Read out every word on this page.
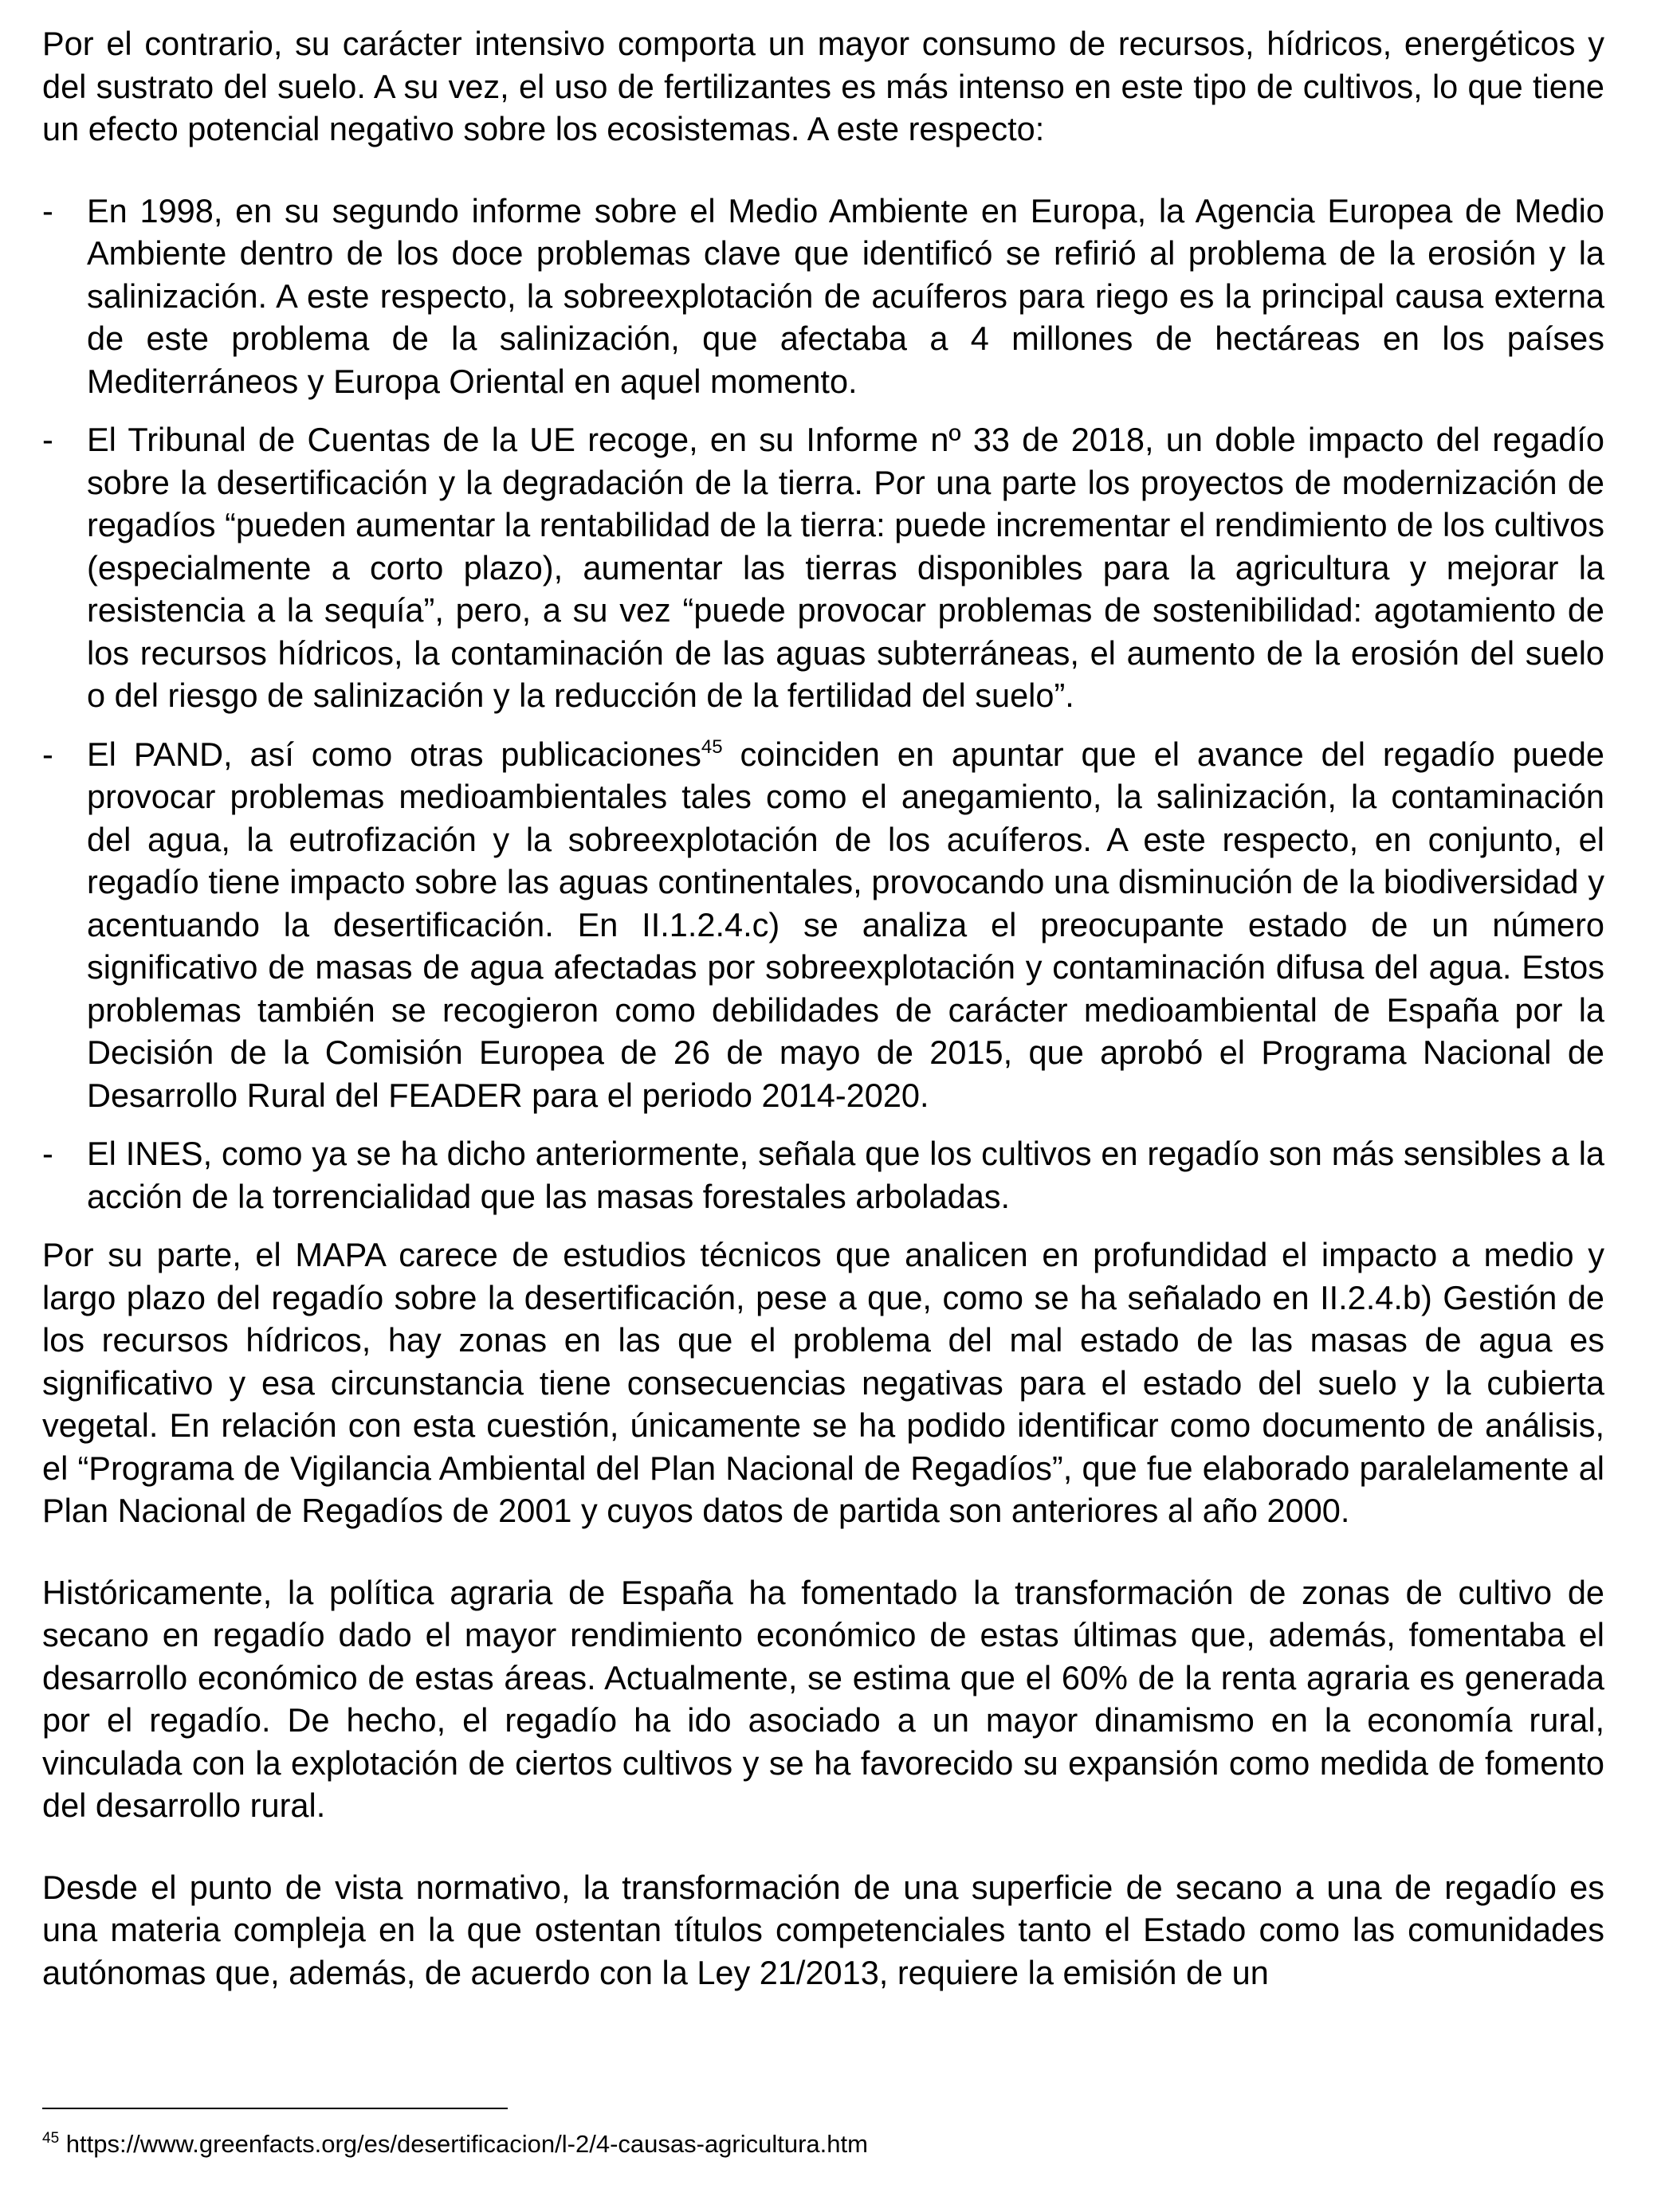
Por el contrario, su carácter intensivo comporta un mayor consumo de recursos, hídricos, energéticos y del sustrato del suelo. A su vez, el uso de fertilizantes es más intenso en este tipo de cultivos, lo que tiene un efecto potencial negativo sobre los ecosistemas. A este respecto:

-	En 1998, en su segundo informe sobre el Medio Ambiente en Europa, la Agencia Europea de Medio Ambiente dentro de los doce problemas clave que identificó se refirió al problema de la erosión y la salinización. A este respecto, la sobreexplotación de acuíferos para riego es la principal causa externa de este problema de la salinización, que afectaba a 4 millones de hectáreas en los países Mediterráneos y Europa Oriental en aquel momento.
-	El Tribunal de Cuentas de la UE recoge, en su Informe nº 33 de 2018, un doble impacto del regadío sobre la desertificación y la degradación de la tierra. Por una parte los proyectos de modernización de regadíos “pueden aumentar la rentabilidad de la tierra: puede incrementar el rendimiento de los cultivos (especialmente a corto plazo), aumentar las tierras disponibles para la agricultura y mejorar la resistencia a la sequía”, pero, a su vez “puede provocar problemas de sostenibilidad: agotamiento de los recursos hídricos, la contaminación de las aguas subterráneas, el aumento de la erosión del suelo o del riesgo de salinización y la reducción de la fertilidad del suelo”.
-	El PAND, así como otras publicaciones$^{45}$ coinciden en apuntar que el avance del regadío puede provocar problemas medioambientales tales como el anegamiento, la salinización, la contaminación del agua, la eutrofización y la sobreexplotación de los acuíferos. A este respecto, en conjunto, el regadío tiene impacto sobre las aguas continentales, provocando una disminución de la biodiversidad y acentuando la desertificación. En II.1.2.4.c) se analiza el preocupante estado de un número significativo de masas de agua afectadas por sobreexplotación y contaminación difusa del agua. Estos problemas también se recogieron como debilidades de carácter medioambiental de España por la Decisión de la Comisión Europea de 26 de mayo de 2015, que aprobó el Programa Nacional de Desarrollo Rural del FEADER para el periodo 2014-2020.
-	El INES, como ya se ha dicho anteriormente, señala que los cultivos en regadío son más sensibles a la acción de la torrencialidad que las masas forestales arboladas.

Por su parte, el MAPA carece de estudios técnicos que analicen en profundidad el impacto a medio y largo plazo del regadío sobre la desertificación, pese a que, como se ha señalado en II.2.4.b) Gestión de los recursos hídricos, hay zonas en las que el problema del mal estado de las masas de agua es significativo y esa circunstancia tiene consecuencias negativas para el estado del suelo y la cubierta vegetal. En relación con esta cuestión, únicamente se ha podido identificar como documento de análisis, el “Programa de Vigilancia Ambiental del Plan Nacional de Regadíos”, que fue elaborado paralelamente al Plan Nacional de Regadíos de 2001 y cuyos datos de partida son anteriores al año 2000.

Históricamente, la política agraria de España ha fomentado la transformación de zonas de cultivo de secano en regadío dado el mayor rendimiento económico de estas últimas que, además, fomentaba el desarrollo económico de estas áreas. Actualmente, se estima que el 60% de la renta agraria es generada por el regadío. De hecho, el regadío ha ido asociado a un mayor dinamismo en la economía rural, vinculada con la explotación de ciertos cultivos y se ha favorecido su expansión como medida de fomento del desarrollo rural.

Desde el punto de vista normativo, la transformación de una superficie de secano a una de regadío es una materia compleja en la que ostentan títulos competenciales tanto el Estado como las comunidades autónomas que, además, de acuerdo con la Ley 21/2013, requiere la emisión de un

$^{45}$ https://www.greenfacts.org/es/desertificacion/l-2/4-causas-agricultura.htm
